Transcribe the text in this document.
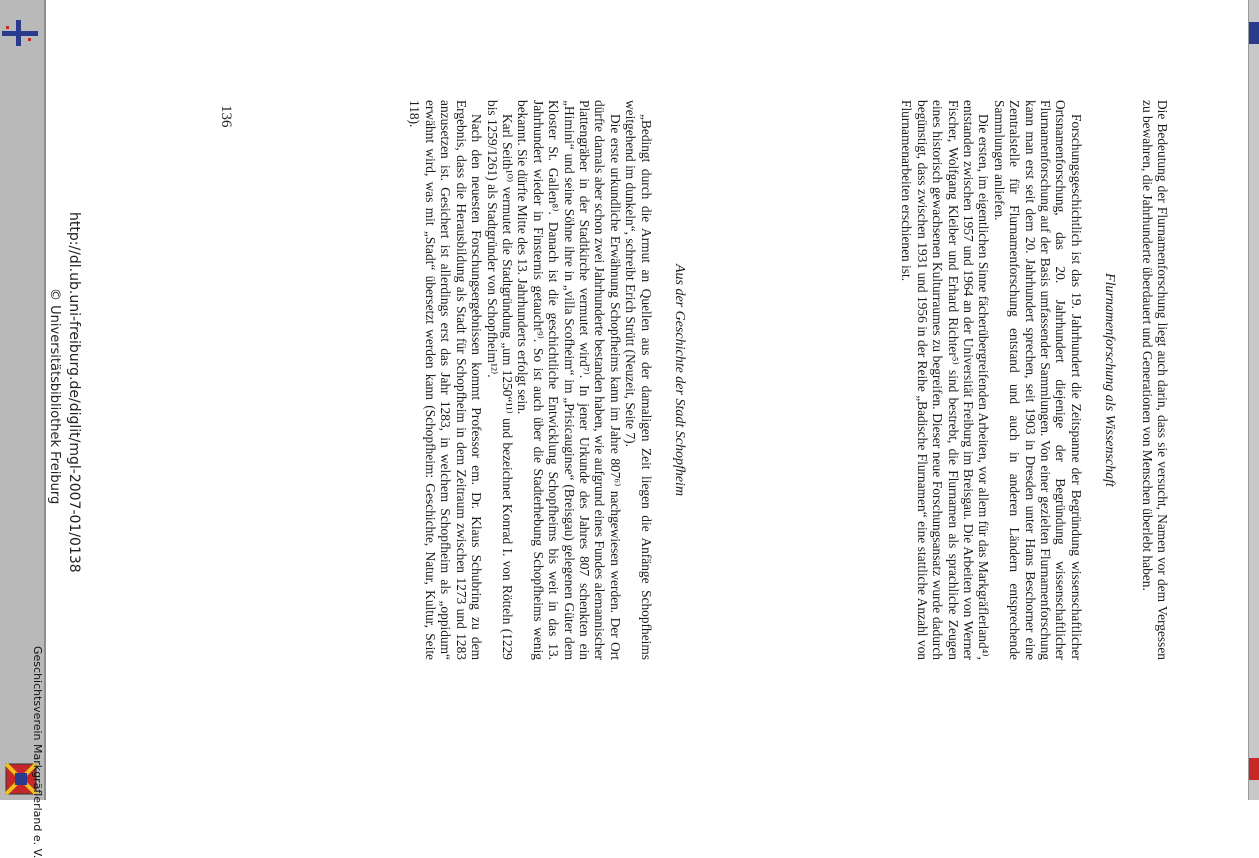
Die Bedeutung der Flurnamenforschung liegt auch darin, dass sie versucht, Namen vor dem Vergessen zu bewahren, die Jahrhunderte überdauert und Generationen von Menschen überlebt haben.

Flurnamenforschung als Wissenschaft

Forschungsgeschichtlich ist das 19. Jahrhundert die Zeitspanne der Begründung wissenschaftlicher Ortsnamenforschung, das 20. Jahrhundert diejenige der Begründung wissenschaftlicher Flurnamenforschung auf der Basis umfassender Sammlungen. Von einer gezielten Flurnamenforschung kann man erst seit dem 20. Jahrhundert sprechen, seit 1903 in Dresden unter Hans Beschorner eine Zentralstelle für Flurnamenforschung entstand und auch in anderen Ländern entsprechende Sammlungen anliefen.

Die ersten, im eigentlichen Sinne fächerübergreifenden Arbeiten, vor allem für das Markgräflerland⁴⁾, entstanden zwischen 1957 und 1964 an der Universität Freiburg im Breisgau. Die Arbeiten von Werner Fischer, Wolfgang Kleiber und Erhard Richter⁵⁾ sind bestrebt, die Flurnamen als sprachliche Zeugen eines historisch gewachsenen Kulturraumes zu begreifen. Dieser neue Forschungsansatz wurde dadurch begünstigt, dass zwischen 1931 und 1956 in der Reihe „Badische Flurnamen“ eine stattliche Anzahl von Flurnamenarbeiten erschienen ist.

Aus der Geschichte der Stadt Schopfheim

„Bedingt durch die Armut an Quellen aus der damaligen Zeit liegen die Anfänge Schopfheims weitgehend im dunkeln“, schreibt Erich Strütt (Neuzeit, Seite 7).

Die erste urkundliche Erwähnung Schopfheims kann im Jahre 807⁶⁾ nachgewiesen werden. Der Ort dürfte damals aber schon zwei Jahrhunderte bestanden haben, wie aufgrund eines Fundes alemannischer Plattengräber in der Stadtkirche vermutet wird⁷⁾. In jener Urkunde des Jahres 807 schenkten ein „Himini“ und seine Söhne ihre in „villa Scofheim“ im „Prisicauginse“ (Breisgau) gelegenen Güter dem Kloster St. Gallen⁸⁾. Danach ist die geschichtliche Entwicklung Schopfheims bis weit in das 13. Jahrhundert wieder in Finsternis getaucht⁹⁾. So ist auch über die Stadterhebung Schopfheims wenig bekannt. Sie dürfte Mitte des 13. Jahrhunderts erfolgt sein.

Karl Seith¹⁰⁾ vermutet die Stadtgründung „um 1250“¹¹⁾ und bezeichnet Konrad I. von Rötteln (1229 bis 1259/1261) als Stadtgründer von Schopfheim¹²⁾.

Nach den neuesten Forschungsergebnissen kommt Professor em. Dr. Klaus Schubring zu dem Ergebnis, dass die Herausbildung als Stadt für Schopfheim in dem Zeitraum zwischen 1273 und 1283 anzusetzen ist. Gesichert ist allerdings erst das Jahr 1283, in welchem Schopfheim als „oppidum“ erwähnt wird, was mit „Stadt“ übersetzt werden kann (Schopfheim: Geschichte, Natur, Kultur, Seite 118).

136
http://dl.ub.uni-freiburg.de/diglit/mgl-2007-01/0138
© Universitätsbibliothek Freiburg
